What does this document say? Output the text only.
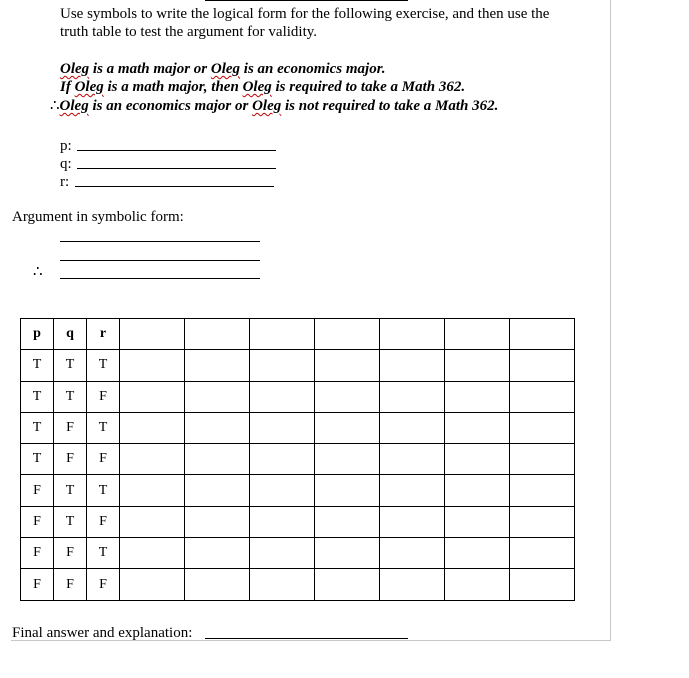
Use symbols to write the logical form for the following exercise, and then use the
truth table to test the argument for validity.
Oleg is a math major or Oleg is an economics major.
If Oleg is a math major, then Oleg is required to take a Math 362.
∴Oleg is an economics major or Oleg is not required to take a Math 362.
p:
q:
r:
Argument in symbolic form:
∴
p	q	r							
T	T	T							
T	T	F							
T	F	T							
T	F	F							
F	T	T							
F	T	F							
F	F	T							
F	F	F							
Final answer and explanation:
